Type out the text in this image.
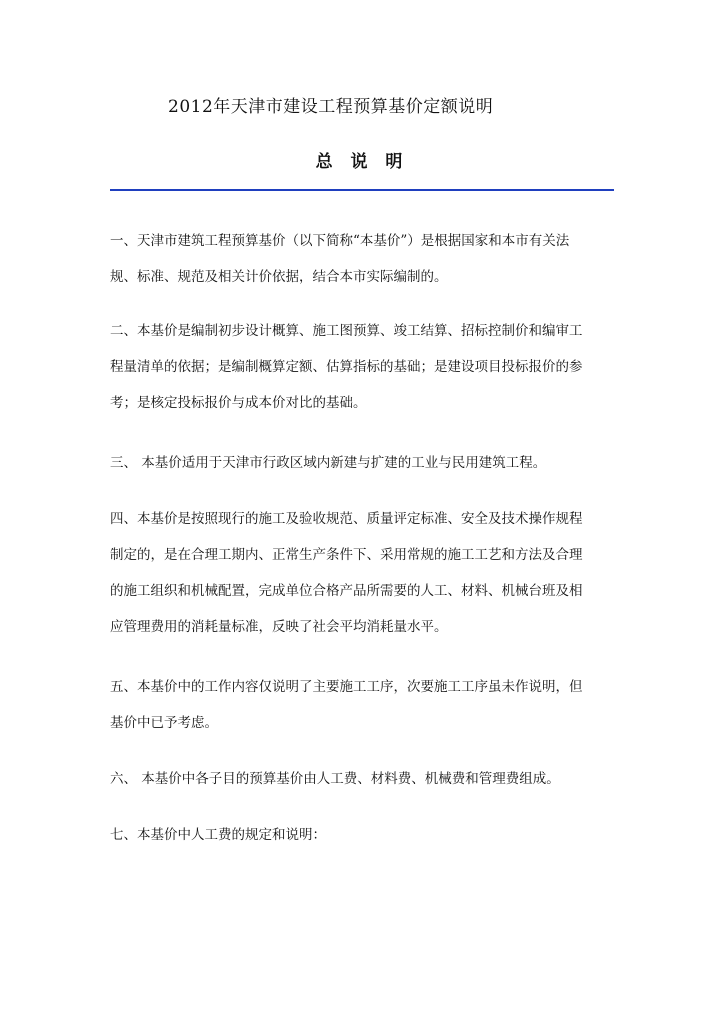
2012年天津市建设工程预算基价定额说明
总 说 明
一、天津市建筑工程预算基价（以下简称“本基价”）是根据国家和本市有关法
规、标准、规范及相关计价依据，结合本市实际编制的。
二、本基价是编制初步设计概算、施工图预算、竣工结算、招标控制价和编审工
程量清单的依据；是编制概算定额、估算指标的基础；是建设项目投标报价的参
考；是核定投标报价与成本价对比的基础。
三、 本基价适用于天津市行政区域内新建与扩建的工业与民用建筑工程。
四、本基价是按照现行的施工及验收规范、质量评定标准、安全及技术操作规程
制定的，是在合理工期内、正常生产条件下、采用常规的施工工艺和方法及合理
的施工组织和机械配置，完成单位合格产品所需要的人工、材料、机械台班及相
应管理费用的消耗量标准，反映了社会平均消耗量水平。
五、本基价中的工作内容仅说明了主要施工工序，次要施工工序虽未作说明，但
基价中已予考虑。
六、 本基价中各子目的预算基价由人工费、材料费、机械费和管理费组成。
七、本基价中人工费的规定和说明：
